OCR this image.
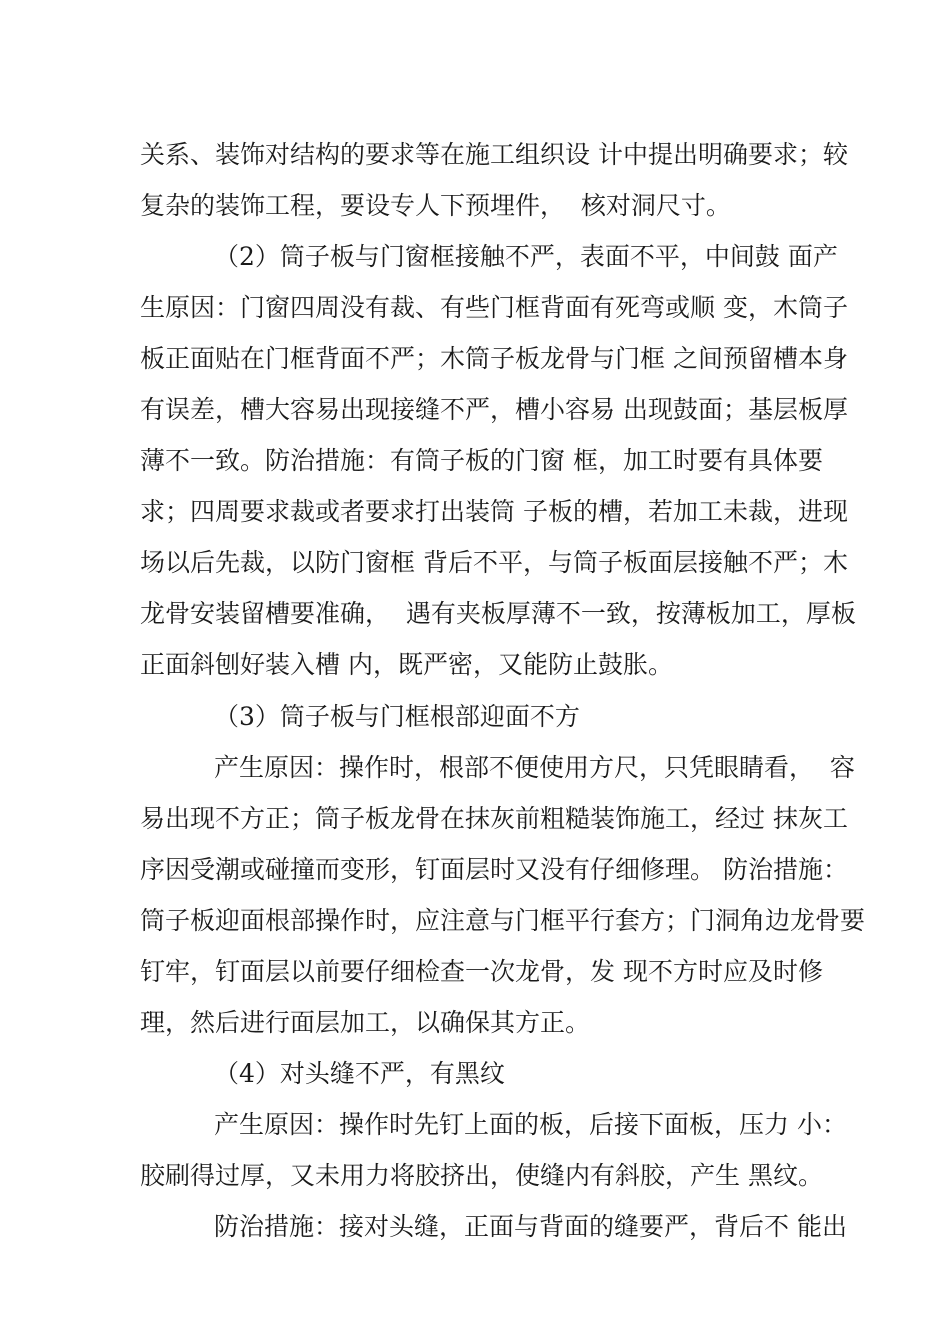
关系、装饰对结构的要求等在施工组织设 计中提出明确要求；较
复杂的装饰工程，要设专人下预埋件，  核对洞尺寸。
（2）筒子板与门窗框接触不严，表面不平，中间鼓 面产
生原因：门窗四周没有裁、有些门框背面有死弯或顺 变，木筒子
板正面贴在门框背面不严；木筒子板龙骨与门框 之间预留槽本身
有误差，槽大容易出现接缝不严，槽小容易 出现鼓面；基层板厚
薄不一致。防治措施：有筒子板的门窗 框，加工时要有具体要
求；四周要求裁或者要求打出装筒 子板的槽，若加工未裁，进现
场以后先裁，以防门窗框 背后不平，与筒子板面层接触不严；木
龙骨安装留槽要准确，  遇有夹板厚薄不一致，按薄板加工，厚板
正面斜刨好装入槽 内，既严密，又能防止鼓胀。
（3）筒子板与门框根部迎面不方
产生原因：操作时，根部不便使用方尺，只凭眼睛看，  容
易出现不方正；筒子板龙骨在抹灰前粗糙装饰施工，经过 抹灰工
序因受潮或碰撞而变形，钉面层时又没有仔细修理。 防治措施：
筒子板迎面根部操作时，应注意与门框平行套方；门洞角边龙骨要
钉牢，钉面层以前要仔细检查一次龙骨，发 现不方时应及时修
理，然后进行面层加工，以确保其方正。
（4）对头缝不严，有黑纹
产生原因：操作时先钉上面的板，后接下面板，压力 小：
胶刷得过厚，又未用力将胶挤出，使缝内有斜胶，产生 黑纹。
防治措施：接对头缝，正面与背面的缝要严，背后不 能出
